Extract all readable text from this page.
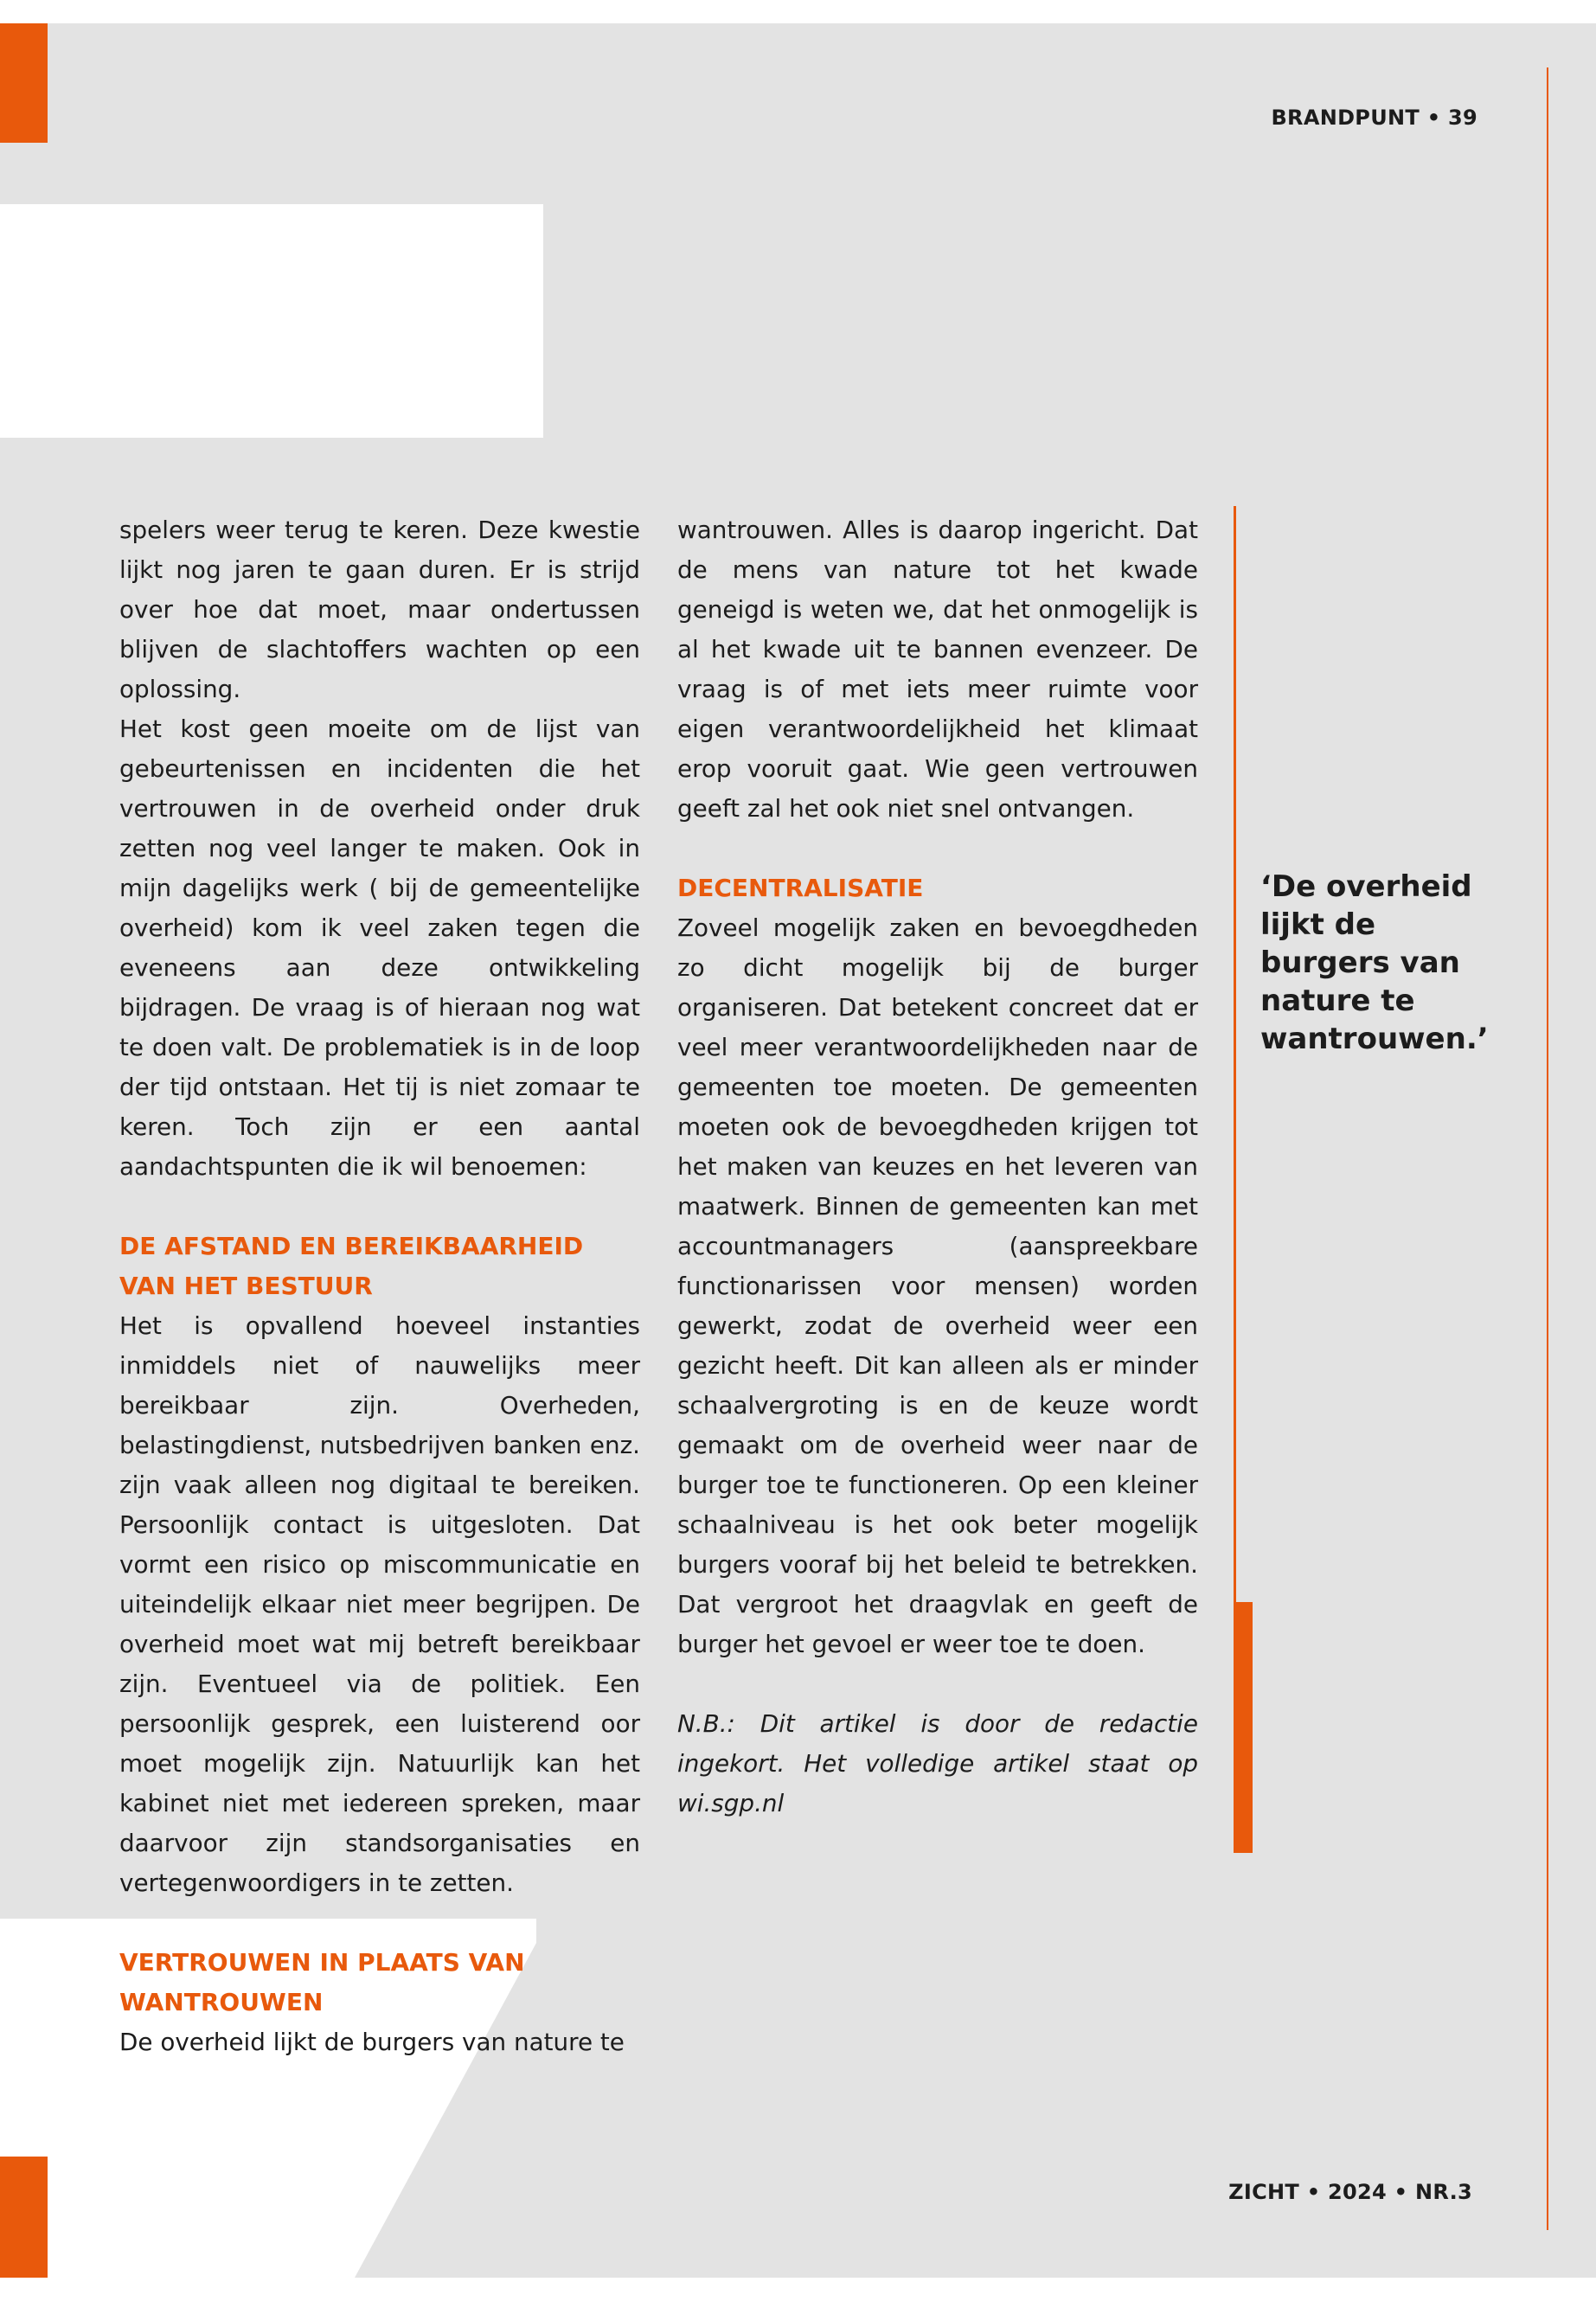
BRANDPUNT • 39

spelers weer terug te keren. Deze kwestie lijkt nog jaren te gaan duren. Er is strijd over hoe dat moet, maar ondertussen blijven de slachtoffers wachten op een oplossing.

Het kost geen moeite om de lijst van gebeurtenissen en incidenten die het vertrouwen in de overheid onder druk zetten nog veel langer te maken. Ook in mijn dagelijks werk ( bij de gemeentelijke overheid) kom ik veel zaken tegen die eveneens aan deze ontwikkeling bijdragen. De vraag is of hieraan nog wat te doen valt. De problematiek is in de loop der tijd ontstaan. Het tij is niet zomaar te keren. Toch zijn er een aantal aandachtspunten die ik wil benoemen:

DE AFSTAND EN BEREIKBAARHEID VAN HET BESTUUR

Het is opvallend hoeveel instanties inmiddels niet of nauwelijks meer bereikbaar zijn. Overheden, belastingdienst, nutsbedrijven banken enz. zijn vaak alleen nog digitaal te bereiken. Persoonlijk contact is uitgesloten. Dat vormt een risico op miscommunicatie en uiteindelijk elkaar niet meer begrijpen. De overheid moet wat mij betreft bereikbaar zijn. Eventueel via de politiek. Een persoonlijk gesprek, een luisterend oor moet mogelijk zijn. Natuurlijk kan het kabinet niet met iedereen spreken, maar daarvoor zijn standsorganisaties en vertegenwoordigers in te zetten.

VERTROUWEN IN PLAATS VAN WANTROUWEN

De overheid lijkt de burgers van nature te

wantrouwen. Alles is daarop ingericht. Dat de mens van nature tot het kwade geneigd is weten we, dat het onmogelijk is al het kwade uit te bannen evenzeer. De vraag is of met iets meer ruimte voor eigen verantwoordelijkheid het klimaat erop vooruit gaat. Wie geen vertrouwen geeft zal het ook niet snel ontvangen.

DECENTRALISATIE

Zoveel mogelijk zaken en bevoegdheden zo dicht mogelijk bij de burger organiseren. Dat betekent concreet dat er veel meer verantwoordelijkheden naar de gemeenten toe moeten. De gemeenten moeten ook de bevoegdheden krijgen tot het maken van keuzes en het leveren van maatwerk. Binnen de gemeenten kan met accountmanagers (aanspreekbare functionarissen voor mensen) worden gewerkt, zodat de overheid weer een gezicht heeft. Dit kan alleen als er minder schaalvergroting is en de keuze wordt gemaakt om de overheid weer naar de burger toe te functioneren. Op een kleiner schaalniveau is het ook beter mogelijk burgers vooraf bij het beleid te betrekken. Dat vergroot het draagvlak en geeft de burger het gevoel er weer toe te doen.

N.B.: Dit artikel is door de redactie ingekort. Het volledige artikel staat op wi.sgp.nl

‘De overheid lijkt de burgers van nature te wantrouwen.’

ZICHT • 2024 • NR.3
